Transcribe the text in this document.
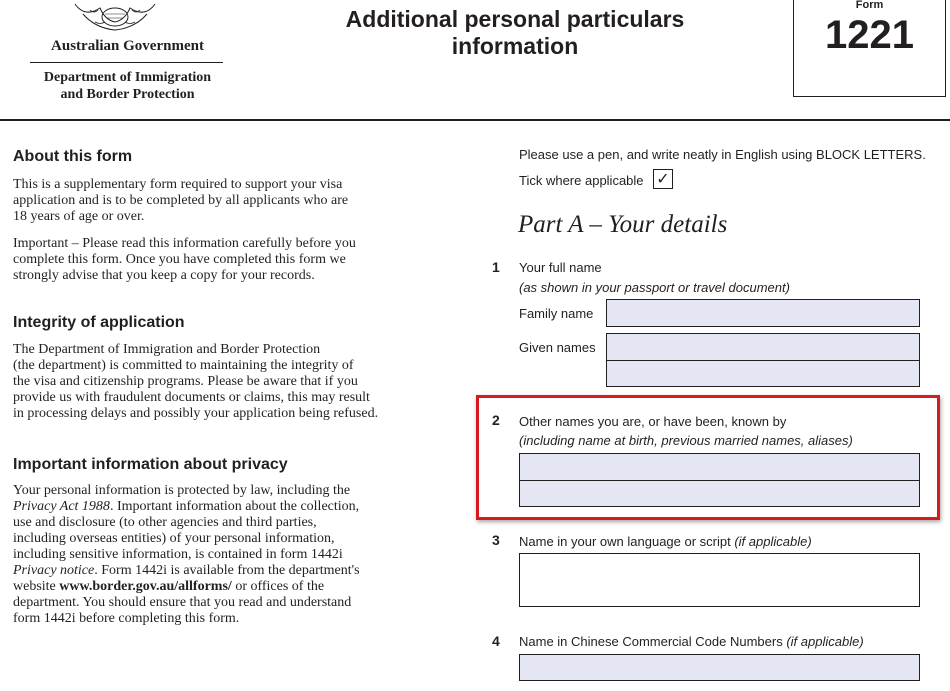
Australian Government
Department of Immigration
and Border Protection
Additional personal particulars
information
Form
1221
About this form
This is a supplementary form required to support your visa
application and is to be completed by all applicants who are
18 years of age or over.
Important – Please read this information carefully before you
complete this form. Once you have completed this form we
strongly advise that you keep a copy for your records.
Integrity of application
The Department of Immigration and Border Protection
(the department) is committed to maintaining the integrity of
the visa and citizenship programs. Please be aware that if you
provide us with fraudulent documents or claims, this may result
in processing delays and possibly your application being refused.
Important information about privacy
Your personal information is protected by law, including the
Privacy Act 1988. Important information about the collection,
use and disclosure (to other agencies and third parties,
including overseas entities) of your personal information,
including sensitive information, is contained in form 1442i
Privacy notice. Form 1442i is available from the department's
website www.border.gov.au/allforms/ or offices of the
department. You should ensure that you read and understand
form 1442i before completing this form.
Please use a pen, and write neatly in English using BLOCK LETTERS.
Tick where applicable ✓
Part A – Your details
1 Your full name
(as shown in your passport or travel document)
Family name
Given names
2 Other names you are, or have been, known by
(including name at birth, previous married names, aliases)
3 Name in your own language or script (if applicable)
4 Name in Chinese Commercial Code Numbers (if applicable)
